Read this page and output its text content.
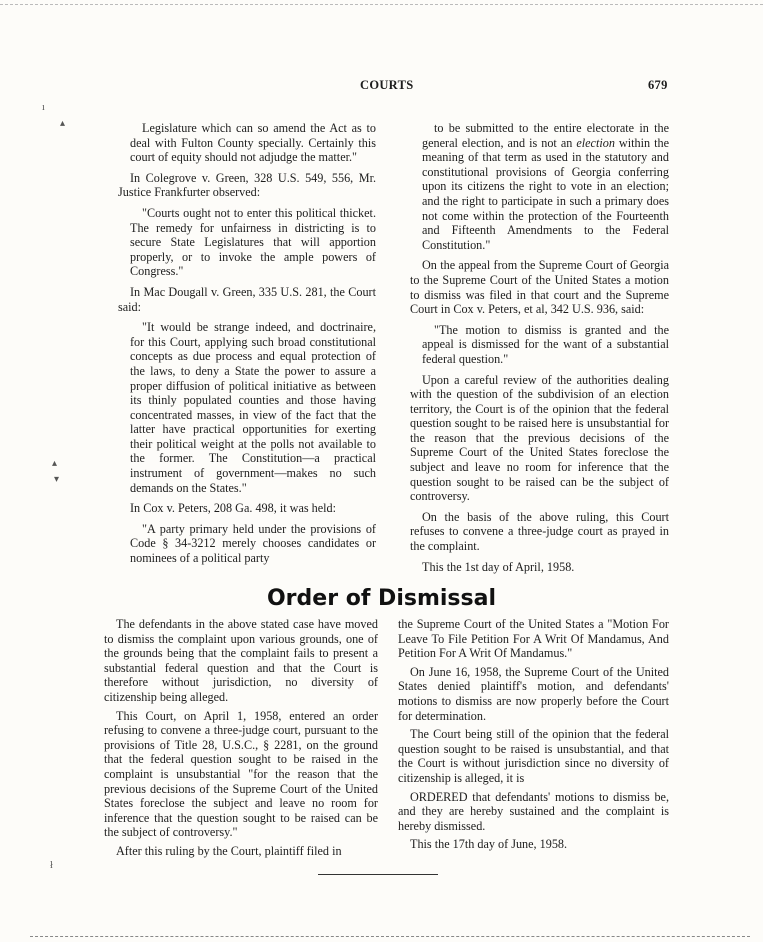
COURTS	679

Legislature which can so amend the Act as to deal with Fulton County specially. Certainly this court of equity should not adjudge the matter."

In Colegrove v. Green, 328 U.S. 549, 556, Mr. Justice Frankfurter observed:

"Courts ought not to enter this political thicket. The remedy for unfairness in districting is to secure State Legislatures that will apportion properly, or to invoke the ample powers of Congress."

In Mac Dougall v. Green, 335 U.S. 281, the Court said:

"It would be strange indeed, and doctrinaire, for this Court, applying such broad constitutional concepts as due process and equal protection of the laws, to deny a State the power to assure a proper diffusion of political initiative as between its thinly populated counties and those having concentrated masses, in view of the fact that the latter have practical opportunities for exerting their political weight at the polls not available to the former. The Constitution—a practical instrument of government—makes no such demands on the States."

In Cox v. Peters, 208 Ga. 498, it was held:

"A party primary held under the provisions of Code § 34-3212 merely chooses candidates or nominees of a political party

to be submitted to the entire electorate in the general election, and is not an election within the meaning of that term as used in the statutory and constitutional provisions of Georgia conferring upon its citizens the right to vote in an election; and the right to participate in such a primary does not come within the protection of the Fourteenth and Fifteenth Amendments to the Federal Constitution."

On the appeal from the Supreme Court of Georgia to the Supreme Court of the United States a motion to dismiss was filed in that court and the Supreme Court in Cox v. Peters, et al, 342 U.S. 936, said:

"The motion to dismiss is granted and the appeal is dismissed for the want of a substantial federal question."

Upon a careful review of the authorities dealing with the question of the subdivision of an election territory, the Court is of the opinion that the federal question sought to be raised here is unsubstantial for the reason that the previous decisions of the Supreme Court of the United States foreclose the subject and leave no room for inference that the question sought to be raised can be the subject of controversy.

On the basis of the above ruling, this Court refuses to convene a three-judge court as prayed in the complaint.

This the 1st day of April, 1958.

Order of Dismissal

The defendants in the above stated case have moved to dismiss the complaint upon various grounds, one of the grounds being that the complaint fails to present a substantial federal question and that the Court is therefore without jurisdiction, no diversity of citizenship being alleged.

This Court, on April 1, 1958, entered an order refusing to convene a three-judge court, pursuant to the provisions of Title 28, U.S.C., § 2281, on the ground that the federal question sought to be raised in the complaint is unsubstantial "for the reason that the previous decisions of the Supreme Court of the United States foreclose the subject and leave no room for inference that the question sought to be raised can be the subject of controversy."

After this ruling by the Court, plaintiff filed in

the Supreme Court of the United States a "Motion For Leave To File Petition For A Writ Of Mandamus, And Petition For A Writ Of Mandamus."

On June 16, 1958, the Supreme Court of the United States denied plaintiff's motion, and defendants' motions to dismiss are now properly before the Court for determination.

The Court being still of the opinion that the federal question sought to be raised is unsubstantial, and that the Court is without jurisdiction since no diversity of citizenship is alleged, it is

ORDERED that defendants' motions to dismiss be, and they are hereby sustained and the complaint is hereby dismissed.

This the 17th day of June, 1958.

ı
▴
▴
▾
ł
